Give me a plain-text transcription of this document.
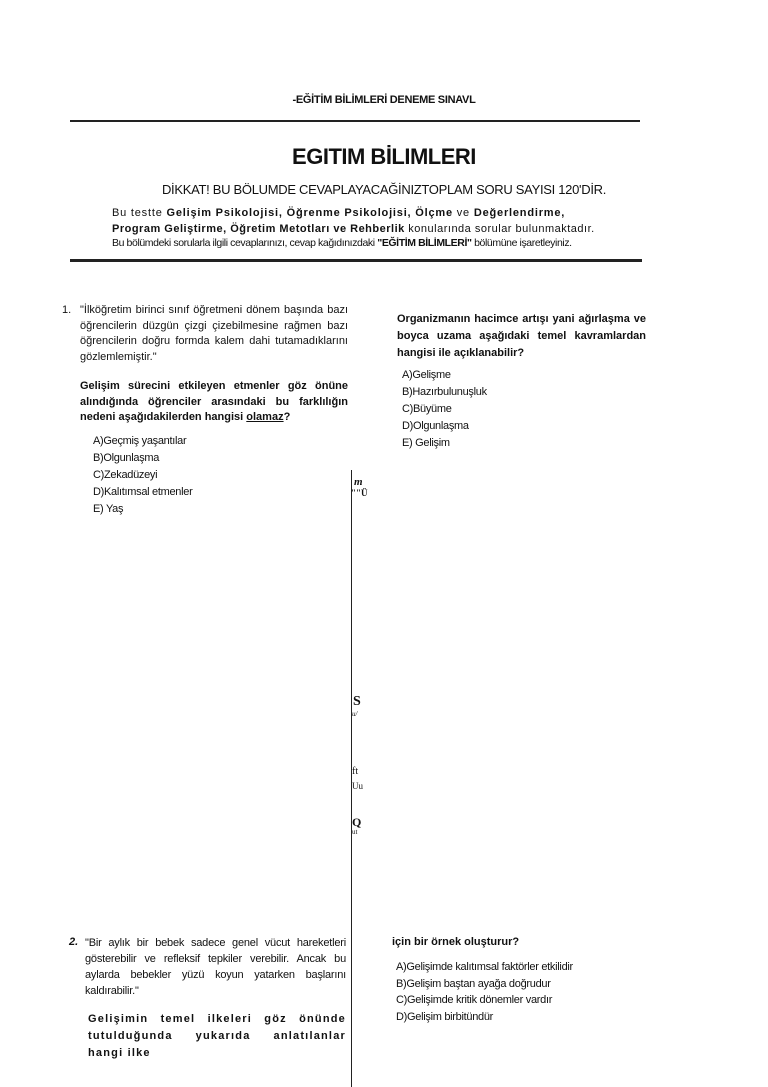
-EĞİTİM BİLİMLERİ DENEME SINAVL
EGITIM BİLIMLERI
DİKKAT! BU BÖLUMDE CEVAPLAYACAĞİNIZTOPLAM SORU SAYISI 120'DİR.
Bu testte Gelişim Psikolojisi, Öğrenme Psikolojisi, Ölçme ve Değerlendirme,
Program Geliştirme, Öğretim Metotları ve Rehberlik konularında sorular bulunmaktadır.
Bu bölümdeki sorularla ilgili cevaplarınızı, cevap kağıdınızdaki "EĞİTİM BİLİMLERİ" bölümüne işaretleyiniz.
1. "İlköğretim birinci sınıf öğretmeni dönem başında bazı öğrencilerin düzgün çizgi çizebilmesine rağmen bazı öğrencilerin doğru formda kalem dahi tutamadıklarını gözlemlemiştir."
Gelişim sürecini etkileyen etmenler göz önüne alındığında öğrenciler arasındaki bu farklılığın nedeni aşağıdakilerden hangisi olamaz?
A)Geçmiş yaşantılar
B)Olgunlaşma
C)Zekadüzeyi
D)Kalıtımsal etmenler
E) Yaş
Organizmanın hacimce artışı yani ağırlaşma ve boyca uzama aşağıdaki temel kavramlardan hangisi ile açıklanabilir?
A)Gelişme
B)Hazırbulunuşluk
C)Büyüme
D)Olgunlaşma
E) Gelişim
m
""Ü
S
u/
ft
Uu
Q
ut
2. "Bir aylık bir bebek sadece genel vücut hareketleri gösterebilir ve refleksif tepkiler verebilir. Ancak bu aylarda bebekler yüzü koyun yatarken başlarını kaldırabilir."
Gelişimin temel ilkeleri göz önünde tutulduğunda yukarıda anlatılanlar hangi ilke
için bir örnek oluşturur?
A)Gelişimde kalıtımsal faktörler etkilidir
B)Gelişim baştan ayağa doğrudur
C)Gelişimde kritik dönemler vardır
D)Gelişim birbitündür
